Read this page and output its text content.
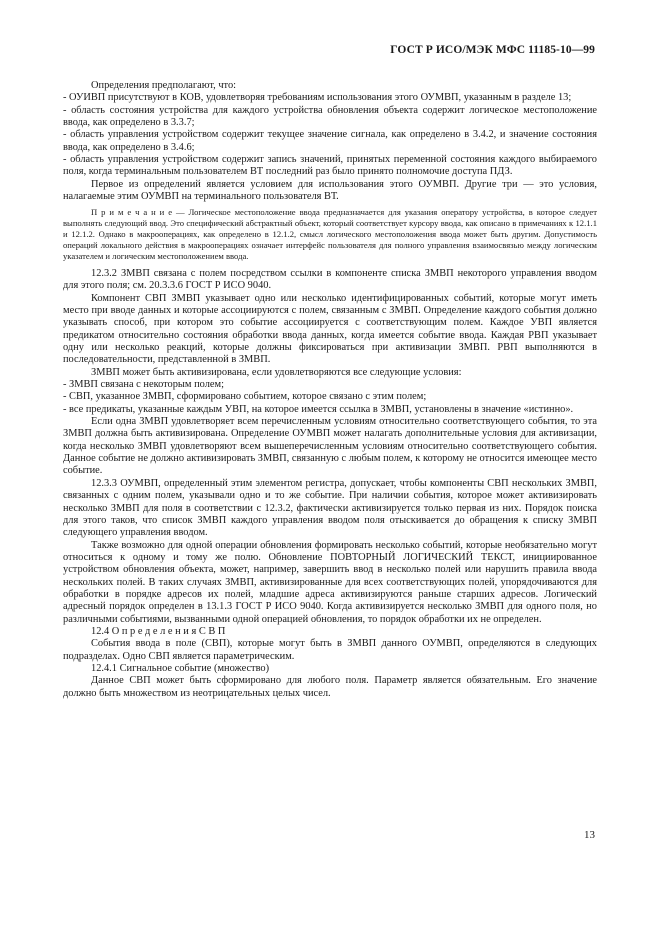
ГОСТ Р ИСО/МЭК МФС 11185-10—99

Определения предполагают, что:

- ОУИВП присутствуют в КОВ, удовлетворяя требованиям использования этого ОУМВП, указанным в разделе 13;

- область состояния устройства для каждого устройства обновления объекта содержит логическое местоположение ввода, как определено в 3.3.7;

- область управления устройством содержит текущее значение сигнала, как определено в 3.4.2, и значение состояния ввода, как определено в 3.4.6;

- область управления устройством содержит запись значений, принятых переменной состояния каждого выбираемого поля, когда терминальным пользователем ВТ последний раз было принято полномочие доступа ПДЗ.

Первое из определений является условием для использования этого ОУМВП. Другие три — это условия, налагаемые этим ОУМВП на терминального пользователя ВТ.

П р и м е ч а н и е — Логическое местоположение ввода предназначается для указания оператору устройства, в которое следует выполнять следующий ввод. Это специфический абстрактный объект, который соответствует курсору ввода, как описано в примечаниях к 12.1.1 и 12.1.2. Однако в макрооперациях, как определено в 12.1.2, смысл логического местоположения ввода может быть другим. Допустимость операций локального действия в макрооперациях означает интерфейс пользователя для полного управления взаимосвязью между логическим указателем и логическим местоположением ввода.

12.3.2 ЗМВП связана с полем посредством ссылки в компоненте списка ЗМВП некоторого управления вводом для этого поля; см. 20.3.3.6 ГОСТ Р ИСО 9040.

Компонент СВП ЗМВП указывает одно или несколько идентифицированных событий, которые могут иметь место при вводе данных и которые ассоциируются с полем, связанным с ЗМВП. Определение каждого события должно указывать способ, при котором это событие ассоциируется с соответствующим полем. Каждое УВП является предикатом относительно состояния обработки ввода данных, когда имеется событие ввода. Каждая РВП указывает одну или несколько реакций, которые должны фиксироваться при активизации ЗМВП. РВП выполняются в последовательности, представленной в ЗМВП.

ЗМВП может быть активизирована, если удовлетворяются все следующие условия:

- ЗМВП связана с некоторым полем;

- СВП, указанное ЗМВП, сформировано событием, которое связано с этим полем;

- все предикаты, указанные каждым УВП, на которое имеется ссылка в ЗМВП, установлены в значение «истинно».

Если одна ЗМВП удовлетворяет всем перечисленным условиям относительно соответствующего события, то эта ЗМВП должна быть активизирована. Определение ОУМВП может налагать дополнительные условия для активизации, когда несколько ЗМВП удовлетворяют всем вышеперечисленным условиям относительно соответствующего события. Данное событие не должно активизировать ЗМВП, связанную с любым полем, к которому не относится имеющее место событие.

12.3.3 ОУМВП, определенный этим элементом регистра, допускает, чтобы компоненты СВП нескольких ЗМВП, связанных с одним полем, указывали одно и то же событие. При наличии события, которое может активизировать несколько ЗМВП для поля в соответствии с 12.3.2, фактически активизируется только первая из них. Порядок поиска для этого таков, что список ЗМВП каждого управления вводом поля отыскивается до обращения к списку ЗМВП следующего управления вводом.

Также возможно для одной операции обновления формировать несколько событий, которые необязательно могут относиться к одному и тому же полю. Обновление ПОВТОРНЫЙ ЛОГИЧЕСКИЙ ТЕКСТ, инициированное устройством обновления объекта, может, например, завершить ввод в несколько полей или нарушить правила ввода нескольких полей. В таких случаях ЗМВП, активизированные для всех соответствующих полей, упорядочиваются для обработки в порядке адресов их полей, младшие адреса активизируются раньше старших адресов. Логический адресный порядок определен в 13.1.3 ГОСТ Р ИСО 9040. Когда активизируется несколько ЗМВП для одного поля, но различными событиями, вызванными одной операцией обновления, то порядок обработки их не определен.

12.4 О п р е д е л е н и я С В П

События ввода в поле (СВП), которые могут быть в ЗМВП данного ОУМВП, определяются в следующих подразделах. Одно СВП является параметрическим.

12.4.1 Сигнальное событие (множество)

Данное СВП может быть сформировано для любого поля. Параметр является обязательным. Его значение должно быть множеством из неотрицательных целых чисел.

13
